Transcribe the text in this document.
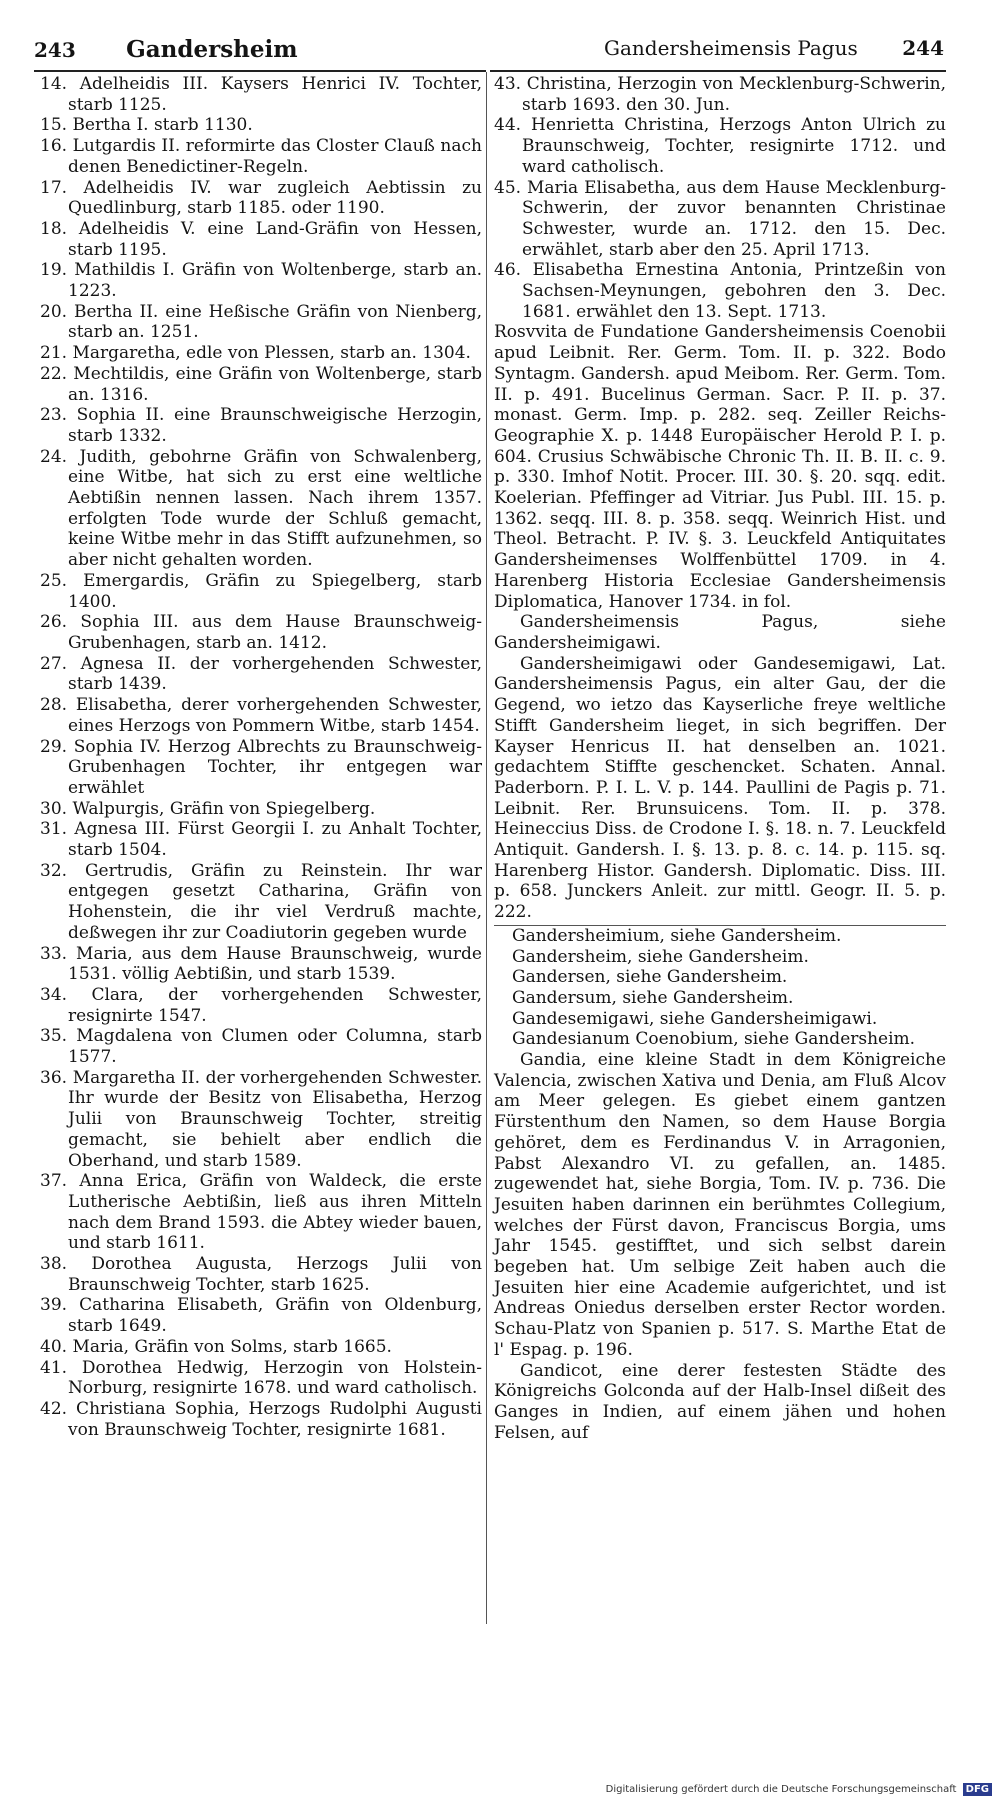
243 Gandersheim	Gandersheimensis Pagus 244

14. Adelheidis III. Kaysers Henrici IV. Tochter, starb 1125.

15. Bertha I. starb 1130.

16. Lutgardis II. reformirte das Closter Clauß nach denen Benedictiner-Regeln.

17. Adelheidis IV. war zugleich Aebtissin zu Quedlinburg, starb 1185. oder 1190.

18. Adelheidis V. eine Land-Gräfin von Hessen, starb 1195.

19. Mathildis I. Gräfin von Woltenberge, starb an. 1223.

20. Bertha II. eine Heßische Gräfin von Nienberg, starb an. 1251.

21. Margaretha, edle von Plessen, starb an. 1304.

22. Mechtildis, eine Gräfin von Woltenberge, starb an. 1316.

23. Sophia II. eine Braunschweigische Herzogin, starb 1332.

24. Judith, gebohrne Gräfin von Schwalenberg, eine Witbe, hat sich zu erst eine weltliche Aebtißin nennen lassen. Nach ihrem 1357. erfolgten Tode wurde der Schluß gemacht, keine Witbe mehr in das Stifft aufzunehmen, so aber nicht gehalten worden.

25. Emergardis, Gräfin zu Spiegelberg, starb 1400.

26. Sophia III. aus dem Hause Braunschweig-Grubenhagen, starb an. 1412.

27. Agnesa II. der vorhergehenden Schwester, starb 1439.

28. Elisabetha, derer vorhergehenden Schwester, eines Herzogs von Pommern Witbe, starb 1454.

29. Sophia IV. Herzog Albrechts zu Braunschweig-Grubenhagen Tochter, ihr entgegen war erwählet

30. Walpurgis, Gräfin von Spiegelberg.

31. Agnesa III. Fürst Georgii I. zu Anhalt Tochter, starb 1504.

32. Gertrudis, Gräfin zu Reinstein. Ihr war entgegen gesetzt Catharina, Gräfin von Hohenstein, die ihr viel Verdruß machte, deßwegen ihr zur Coadiutorin gegeben wurde

33. Maria, aus dem Hause Braunschweig, wurde 1531. völlig Aebtißin, und starb 1539.

34. Clara, der vorhergehenden Schwester, resignirte 1547.

35. Magdalena von Clumen oder Columna, starb 1577.

36. Margaretha II. der vorhergehenden Schwester. Ihr wurde der Besitz von Elisabetha, Herzog Julii von Braunschweig Tochter, streitig gemacht, sie behielt aber endlich die Oberhand, und starb 1589.

37. Anna Erica, Gräfin von Waldeck, die erste Lutherische Aebtißin, ließ aus ihren Mitteln nach dem Brand 1593. die Abtey wieder bauen, und starb 1611.

38. Dorothea Augusta, Herzogs Julii von Braunschweig Tochter, starb 1625.

39. Catharina Elisabeth, Gräfin von Oldenburg, starb 1649.

40. Maria, Gräfin von Solms, starb 1665.

41. Dorothea Hedwig, Herzogin von Holstein-Norburg, resignirte 1678. und ward catholisch.

42. Christiana Sophia, Herzogs Rudolphi Augusti von Braunschweig Tochter, resignirte 1681.

43. Christina, Herzogin von Mecklenburg-Schwerin, starb 1693. den 30. Jun.

44. Henrietta Christina, Herzogs Anton Ulrich zu Braunschweig, Tochter, resignirte 1712. und ward catholisch.

45. Maria Elisabetha, aus dem Hause Mecklenburg-Schwerin, der zuvor benannten Christinae Schwester, wurde an. 1712. den 15. Dec. erwählet, starb aber den 25. April 1713.

46. Elisabetha Ernestina Antonia, Printzeßin von Sachsen-Meynungen, gebohren den 3. Dec. 1681. erwählet den 13. Sept. 1713.

Rosvvita de Fundatione Gandersheimensis Coenobii apud Leibnit. Rer. Germ. Tom. II. p. 322. Bodo Syntagm. Gandersh. apud Meibom. Rer. Germ. Tom. II. p. 491. Bucelinus German. Sacr. P. II. p. 37. monast. Germ. Imp. p. 282. seq. Zeiller Reichs-Geographie X. p. 1448 Europäischer Herold P. I. p. 604. Crusius Schwäbische Chronic Th. II. B. II. c. 9. p. 330. Imhof Notit. Procer. III. 30. §. 20. sqq. edit. Koelerian. Pfeffinger ad Vitriar. Jus Publ. III. 15. p. 1362. seqq. III. 8. p. 358. seqq. Weinrich Hist. und Theol. Betracht. P. IV. §. 3. Leuckfeld Antiquitates Gandersheimenses Wolffenbüttel 1709. in 4. Harenberg Historia Ecclesiae Gandersheimensis Diplomatica, Hanover 1734. in fol.

Gandersheimensis Pagus, siehe Gandersheimigawi.

Gandersheimigawi oder Gandesemigawi, Lat. Gandersheimensis Pagus, ein alter Gau, der die Gegend, wo ietzo das Kayserliche freye weltliche Stifft Gandersheim lieget, in sich begriffen. Der Kayser Henricus II. hat denselben an. 1021. gedachtem Stiffte geschencket. Schaten. Annal. Paderborn. P. I. L. V. p. 144. Paullini de Pagis p. 71. Leibnit. Rer. Brunsuicens. Tom. II. p. 378. Heineccius Diss. de Crodone I. §. 18. n. 7. Leuckfeld Antiquit. Gandersh. I. §. 13. p. 8. c. 14. p. 115. sq. Harenberg Histor. Gandersh. Diplomatic. Diss. III. p. 658. Junckers Anleit. zur mittl. Geogr. II. 5. p. 222.

Gandersheimium, siehe Gandersheim.

Gandersheim, siehe Gandersheim.

Gandersen, siehe Gandersheim.

Gandersum, siehe Gandersheim.

Gandesemigawi, siehe Gandersheimigawi.

Gandesianum Coenobium, siehe Gandersheim.

Gandia, eine kleine Stadt in dem Königreiche Valencia, zwischen Xativa und Denia, am Fluß Alcov am Meer gelegen. Es giebet einem gantzen Fürstenthum den Namen, so dem Hause Borgia gehöret, dem es Ferdinandus V. in Arragonien, Pabst Alexandro VI. zu gefallen, an. 1485. zugewendet hat, siehe Borgia, Tom. IV. p. 736. Die Jesuiten haben darinnen ein berühmtes Collegium, welches der Fürst davon, Franciscus Borgia, ums Jahr 1545. gestifftet, und sich selbst darein begeben hat. Um selbige Zeit haben auch die Jesuiten hier eine Academie aufgerichtet, und ist Andreas Oniedus derselben erster Rector worden. Schau-Platz von Spanien p. 517. S. Marthe Etat de l' Espag. p. 196.

Gandicot, eine derer festesten Städte des Königreichs Golconda auf der Halb-Insel dißeit des Ganges in Indien, auf einem jähen und hohen Felsen, auf

Digitalisierung gefördert durch die Deutsche Forschungsgemeinschaft DFG
